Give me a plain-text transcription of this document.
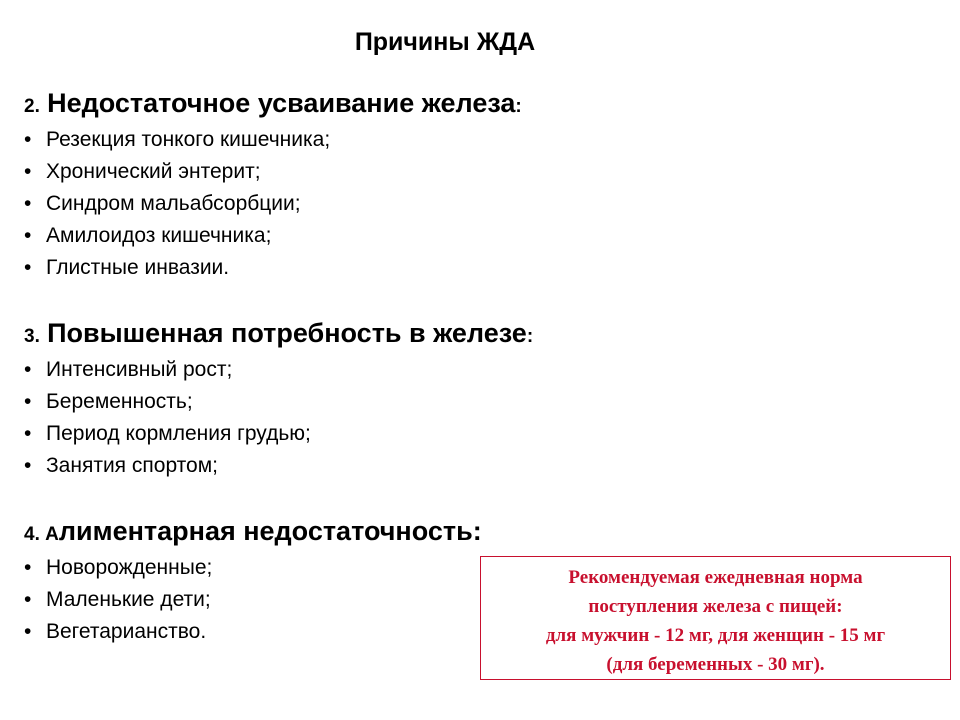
Причины ЖДА
2. Недостаточное усваивание железа:
• Резекция тонкого кишечника;
• Хронический энтерит;
• Синдром мальабсорбции;
• Амилоидоз кишечника;
• Глистные инвазии.
3. Повышенная потребность в железе:
• Интенсивный рост;
• Беременность;
• Период кормления грудью;
• Занятия спортом;
4. Алиментарная недостаточность:
• Новорожденные;
• Маленькие дети;
• Вегетарианство.
Рекомендуемая ежедневная норма
поступления железа с пищей:
для мужчин - 12 мг, для женщин - 15 мг
(для беременных - 30 мг).
